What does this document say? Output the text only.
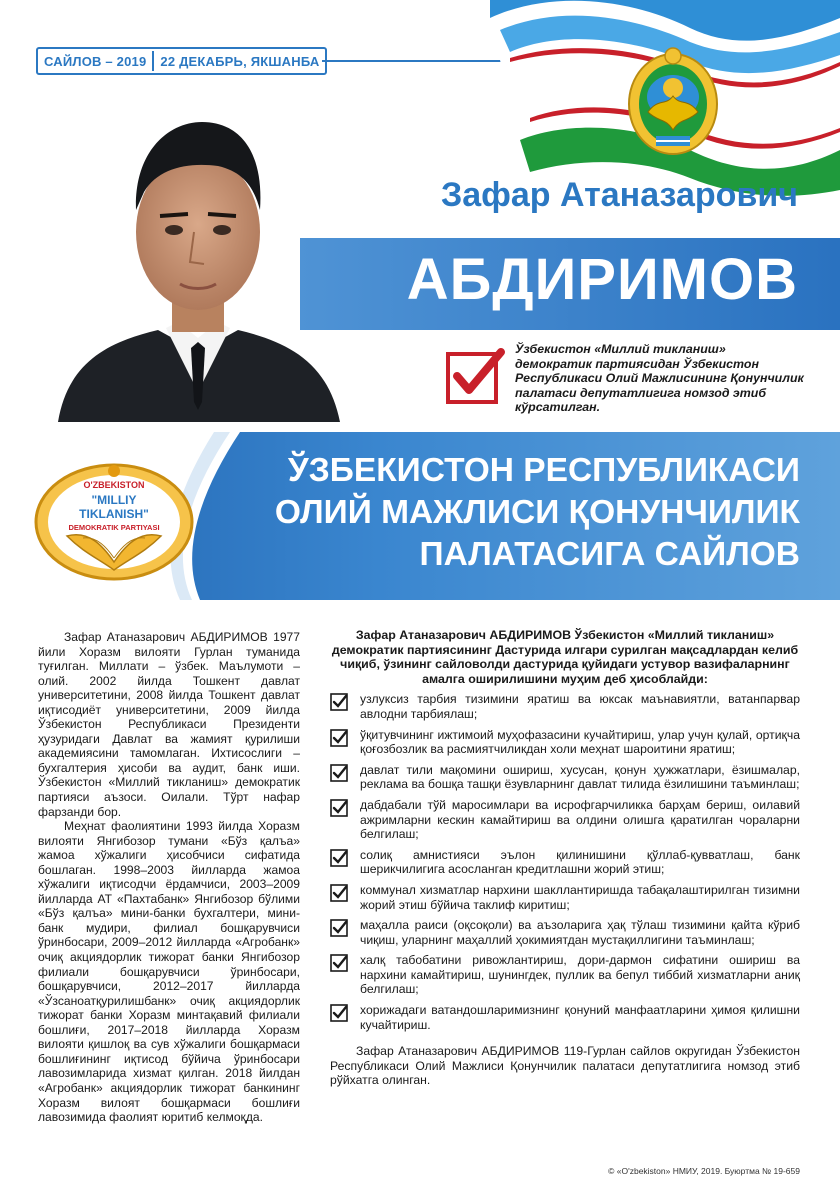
САЙЛОВ – 2019 22 ДЕКАБРЬ, ЯКШАНБА
Зафар Атаназарович
АБДИРИМОВ
Ўзбекистон «Миллий тикланиш» демократик партиясидан Ўзбекистон Республикаси Олий Мажлисининг Қонунчилик палатаси депутатлигига номзод этиб кўрсатилган.
ЎЗБЕКИСТОН РЕСПУБЛИКАСИ
ОЛИЙ МАЖЛИСИ ҚОНУНЧИЛИК
ПАЛАТАСИГА САЙЛОВ
O'ZBEKISTON
"MILLIY
TIKLANISH"
DEMOKRATIK PARTIYASI

Зафар Атаназарович АБДИРИМОВ 1977 йили Хоразм вилояти Гурлан туманида туғилган. Миллати – ўзбек. Маълумоти – олий. 2002 йилда Тошкент давлат университетини, 2008 йилда Тошкент давлат иқтисодиёт университетини, 2009 йилда Ўзбекистон Республикаси Президенти ҳузуридаги Давлат ва жамият қурилиши академиясини тамомлаган. Ихтисослиги – бухгалтерия ҳисоби ва аудит, банк иши. Ўзбекистон «Миллий тикланиш» демократик партияси аъзоси. Оилали. Тўрт нафар фарзанди бор.

Меҳнат фаолиятини 1993 йилда Хоразм вилояти Янгибозор тумани «Бўз қалъа» жамоа хўжалиги ҳисобчиси сифатида бошлаган. 1998–2003 йилларда жамоа хўжалиги иқтисодчи ёрдамчиси, 2003–2009 йилларда АТ «Пахтабанк» Янгибозор бўлими «Бўз қалъа» мини-банки бухгалтери, мини-банк мудири, филиал бошқарувчиси ўринбосари, 2009–2012 йилларда «Агробанк» очиқ акциядорлик тижорат банки Янгибозор филиали бошқарувчиси ўринбосари, бошқарувчиси, 2012–2017 йилларда «Ўзсаноатқурилишбанк» очиқ акциядорлик тижорат банки Хоразм минтақавий филиали бошлиғи, 2017–2018 йилларда Хоразм вилояти қишлоқ ва сув хўжалиги бошқармаси бошлиғининг иқтисод бўйича ўринбосари лавозимларида хизмат қилган. 2018 йилдан «Агробанк» акциядорлик тижорат банкининг Хоразм вилоят бошқармаси бошлиғи лавозимида фаолият юритиб келмоқда.

Зафар Атаназарович АБДИРИМОВ Ўзбекистон «Миллий тикланиш» демократик партиясининг Дастурида илгари сурилган мақсадлардан келиб чиқиб, ўзининг сайловолди дастурида қуйидаги устувор вазифаларнинг амалга оширилишини муҳим деб ҳисоблайди:
узлуксиз тарбия тизимини яратиш ва юксак маънавиятли, ватанпарвар авлодни тарбиялаш;
ўқитувчининг ижтимоий муҳофазасини кучайтириш, улар учун қулай, ортиқча қоғозбозлик ва расмиятчиликдан холи меҳнат шароитини яратиш;
давлат тили мақомини ошириш, хусусан, қонун ҳужжатлари, ёзишмалар, реклама ва бошқа ташқи ёзувларнинг давлат тилида ёзилишини таъминлаш;
дабдабали тўй маросимлари ва исрофгарчиликка барҳам бериш, оилавий ажримларни кескин камайтириш ва олдини олишга қаратилган чораларни белгилаш;
солиқ амнистияси эълон қилинишини қўллаб-қувватлаш, банк шерикчилигига асосланган кредитлашни жорий этиш;
коммунал хизматлар нархини шакллантиришда табақалаштирилган тизимни жорий этиш бўйича таклиф киритиш;
маҳалла раиси (оқсоқоли) ва аъзоларига ҳақ тўлаш тизимини қайта кўриб чиқиш, уларнинг маҳаллий ҳокимиятдан мустақиллигини таъминлаш;
халқ табобатини ривожлантириш, дори-дармон сифатини ошириш ва нархини камайтириш, шунингдек, пуллик ва бепул тиббий хизматларни аниқ белгилаш;
хорижадаги ватандошларимизнинг қонуний манфаатларини ҳимоя қилишни кучайтириш.
Зафар Атаназарович АБДИРИМОВ 119-Гурлан сайлов округидан Ўзбекистон Республикаси Олий Мажлиси Қонунчилик палатаси депутатлигига номзод этиб рўйхатга олинган.
© «O'zbekiston» НМИУ, 2019. Буюртма № 19-659
